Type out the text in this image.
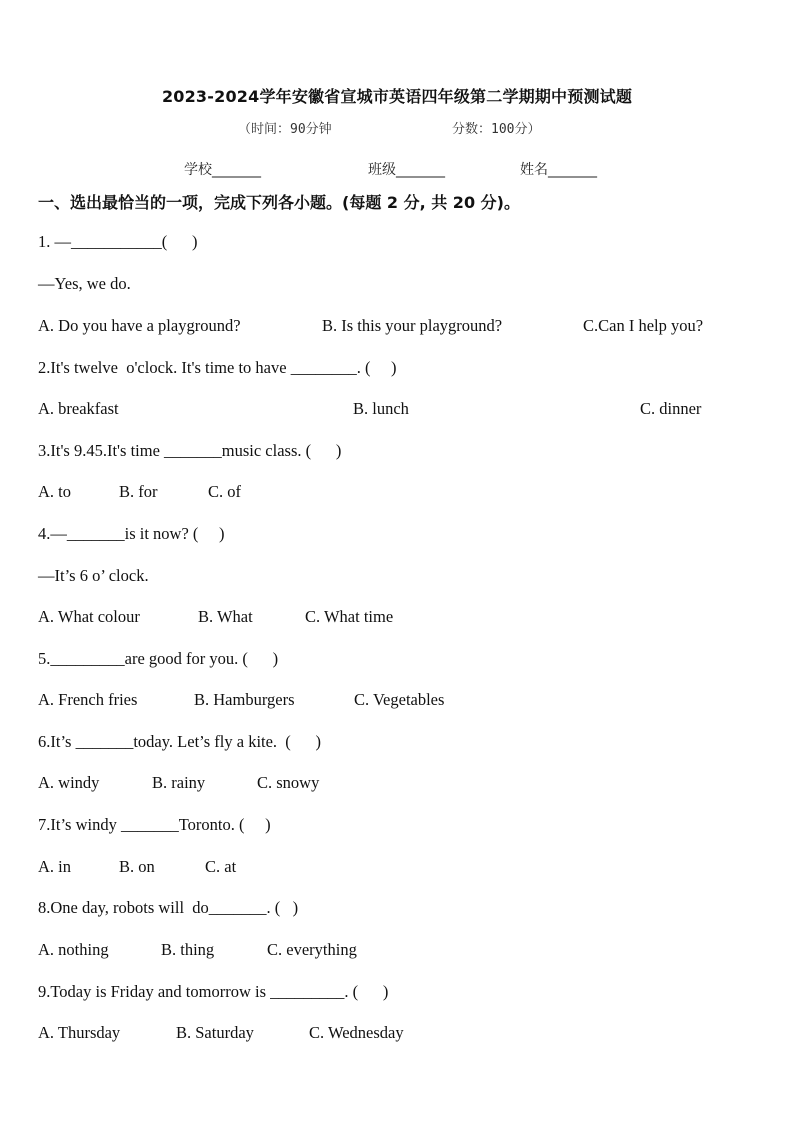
2023-2024学年安徽省宣城市英语四年级第二学期期中预测试题
（时间：90分钟	分数：100分）
学校_______	班级_______	姓名_______
一、选出最恰当的一项，完成下列各小题。(每题 2 分, 共 20 分)。
1. —___________(      )
—Yes, we do.
A. Do you have a playground?	B. Is this your playground?	C.Can I help you?
2.It's twelve  o'clock. It's time to have ________. (     )
A. breakfast	B. lunch	C. dinner
3.It's 9.45.It's time _______music class. (      )
A. to	B. for	C. of
4.—_______is it now? (     )
—It’s 6 o’ clock.
A. What colour	B. What	C. What time
5._________are good for you. (      )
A. French fries	B. Hamburgers	C. Vegetables
6.It’s _______today. Let’s fly a kite.  (      )
A. windy	B. rainy	C. snowy
7.It’s windy _______Toronto. (     )
A. in	B. on	C. at
8.One day, robots will  do_______. (   )
A. nothing	B. thing	C. everything
9.Today is Friday and tomorrow is _________. (      )
A. Thursday	B. Saturday	C. Wednesday
